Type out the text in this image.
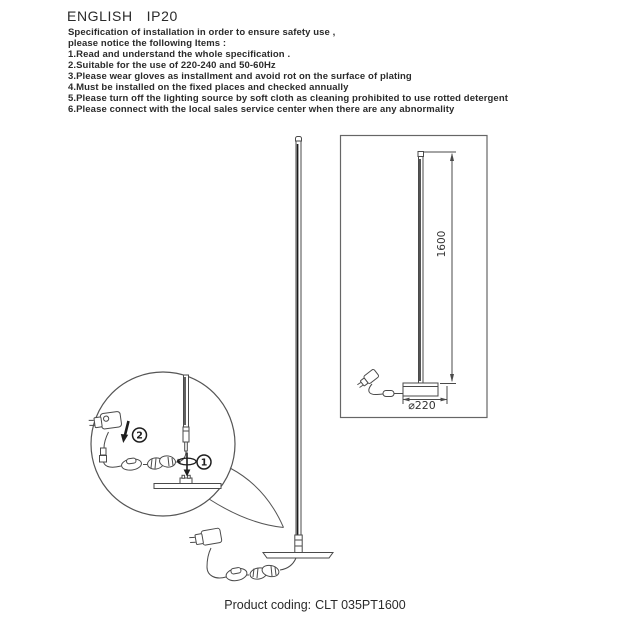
ENGLISH IP20
Specification of installation in order to ensure safety use ,
please notice the following Items :
1.Read and understand the whole specification .
2.Suitable for the use of 220-240 and 50-60Hz
3.Please wear gloves as installment and avoid rot on the surface of plating
4.Must be installed on the fixed places and checked annually
5.Please turn off the lighting source by soft cloth as cleaning prohibited to use rotted detergent
6.Please connect with the local sales service center when there are any abnormality
1
2
1600
⌀220
Product coding: CLT 035PT1600
